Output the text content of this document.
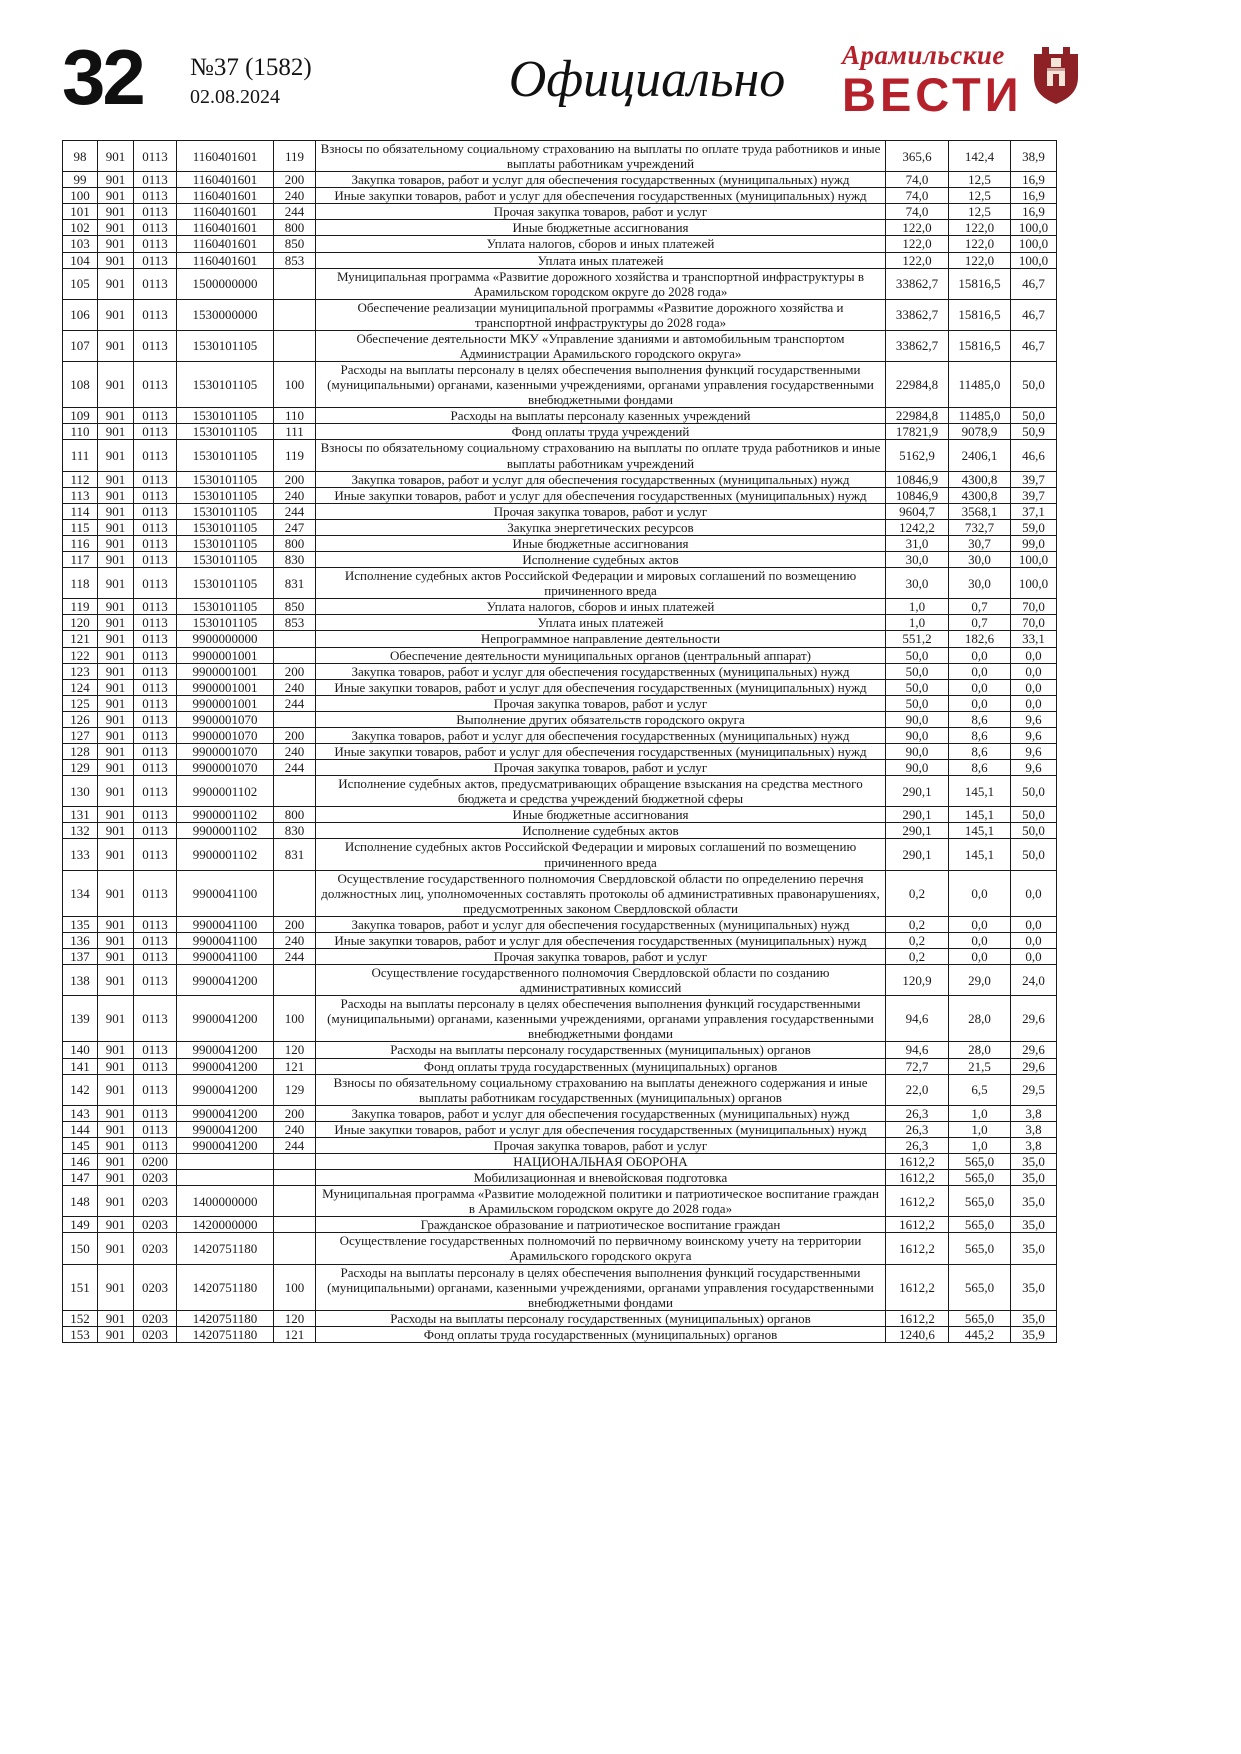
32 №37 (1582)
02.08.2024	Официально	Арамильские
ВЕСТИ
98	901	0113	1160401601	119	Взносы по обязательному социальному страхованию на выплаты по оплате труда работников и иные выплаты работникам учреждений	365,6	142,4	38,9
99	901	0113	1160401601	200	Закупка товаров, работ и услуг для обеспечения государственных (муниципальных) нужд	74,0	12,5	16,9
100	901	0113	1160401601	240	Иные закупки товаров, работ и услуг для обеспечения государственных (муниципальных) нужд	74,0	12,5	16,9
101	901	0113	1160401601	244	Прочая закупка товаров, работ и услуг	74,0	12,5	16,9
102	901	0113	1160401601	800	Иные бюджетные ассигнования	122,0	122,0	100,0
103	901	0113	1160401601	850	Уплата налогов, сборов и иных платежей	122,0	122,0	100,0
104	901	0113	1160401601	853	Уплата иных платежей	122,0	122,0	100,0
105	901	0113	1500000000		Муниципальная программа «Развитие дорожного хозяйства и транспортной инфраструктуры в Арамильском городском округе до 2028 года»	33862,7	15816,5	46,7
106	901	0113	1530000000		Обеспечение реализации муниципальной программы «Развитие дорожного хозяйства и транспортной инфраструктуры до 2028 года»	33862,7	15816,5	46,7
107	901	0113	1530101105		Обеспечение деятельности МКУ «Управление зданиями и автомобильным транспортом Администрации Арамильского городского округа»	33862,7	15816,5	46,7
108	901	0113	1530101105	100	Расходы на выплаты персоналу в целях обеспечения выполнения функций государственными (муниципальными) органами, казенными учреждениями, органами управления государственными внебюджетными фондами	22984,8	11485,0	50,0
109	901	0113	1530101105	110	Расходы на выплаты персоналу казенных учреждений	22984,8	11485,0	50,0
110	901	0113	1530101105	111	Фонд оплаты труда учреждений	17821,9	9078,9	50,9
111	901	0113	1530101105	119	Взносы по обязательному социальному страхованию на выплаты по оплате труда работников и иные выплаты работникам учреждений	5162,9	2406,1	46,6
112	901	0113	1530101105	200	Закупка товаров, работ и услуг для обеспечения государственных (муниципальных) нужд	10846,9	4300,8	39,7
113	901	0113	1530101105	240	Иные закупки товаров, работ и услуг для обеспечения государственных (муниципальных) нужд	10846,9	4300,8	39,7
114	901	0113	1530101105	244	Прочая закупка товаров, работ и услуг	9604,7	3568,1	37,1
115	901	0113	1530101105	247	Закупка энергетических ресурсов	1242,2	732,7	59,0
116	901	0113	1530101105	800	Иные бюджетные ассигнования	31,0	30,7	99,0
117	901	0113	1530101105	830	Исполнение судебных актов	30,0	30,0	100,0
118	901	0113	1530101105	831	Исполнение судебных актов Российской Федерации и мировых соглашений по возмещению причиненного вреда	30,0	30,0	100,0
119	901	0113	1530101105	850	Уплата налогов, сборов и иных платежей	1,0	0,7	70,0
120	901	0113	1530101105	853	Уплата иных платежей	1,0	0,7	70,0
121	901	0113	9900000000		Непрограммное направление деятельности	551,2	182,6	33,1
122	901	0113	9900001001		Обеспечение деятельности муниципальных органов (центральный аппарат)	50,0	0,0	0,0
123	901	0113	9900001001	200	Закупка товаров, работ и услуг для обеспечения государственных (муниципальных) нужд	50,0	0,0	0,0
124	901	0113	9900001001	240	Иные закупки товаров, работ и услуг для обеспечения государственных (муниципальных) нужд	50,0	0,0	0,0
125	901	0113	9900001001	244	Прочая закупка товаров, работ и услуг	50,0	0,0	0,0
126	901	0113	9900001070		Выполнение других обязательств городского округа	90,0	8,6	9,6
127	901	0113	9900001070	200	Закупка товаров, работ и услуг для обеспечения государственных (муниципальных) нужд	90,0	8,6	9,6
128	901	0113	9900001070	240	Иные закупки товаров, работ и услуг для обеспечения государственных (муниципальных) нужд	90,0	8,6	9,6
129	901	0113	9900001070	244	Прочая закупка товаров, работ и услуг	90,0	8,6	9,6
130	901	0113	9900001102		Исполнение судебных актов, предусматривающих обращение взыскания на средства местного бюджета и средства учреждений бюджетной сферы	290,1	145,1	50,0
131	901	0113	9900001102	800	Иные бюджетные ассигнования	290,1	145,1	50,0
132	901	0113	9900001102	830	Исполнение судебных актов	290,1	145,1	50,0
133	901	0113	9900001102	831	Исполнение судебных актов Российской Федерации и мировых соглашений по возмещению причиненного вреда	290,1	145,1	50,0
134	901	0113	9900041100		Осуществление государственного полномочия Свердловской области по определению перечня должностных лиц, уполномоченных составлять протоколы об административных правонарушениях, предусмотренных законом Свердловской области	0,2	0,0	0,0
135	901	0113	9900041100	200	Закупка товаров, работ и услуг для обеспечения государственных (муниципальных) нужд	0,2	0,0	0,0
136	901	0113	9900041100	240	Иные закупки товаров, работ и услуг для обеспечения государственных (муниципальных) нужд	0,2	0,0	0,0
137	901	0113	9900041100	244	Прочая закупка товаров, работ и услуг	0,2	0,0	0,0
138	901	0113	9900041200		Осуществление государственного полномочия Свердловской области по созданию административных комиссий	120,9	29,0	24,0
139	901	0113	9900041200	100	Расходы на выплаты персоналу в целях обеспечения выполнения функций государственными (муниципальными) органами, казенными учреждениями, органами управления государственными внебюджетными фондами	94,6	28,0	29,6
140	901	0113	9900041200	120	Расходы на выплаты персоналу государственных (муниципальных) органов	94,6	28,0	29,6
141	901	0113	9900041200	121	Фонд оплаты труда государственных (муниципальных) органов	72,7	21,5	29,6
142	901	0113	9900041200	129	Взносы по обязательному социальному страхованию на выплаты денежного содержания и иные выплаты работникам государственных (муниципальных) органов	22,0	6,5	29,5
143	901	0113	9900041200	200	Закупка товаров, работ и услуг для обеспечения государственных (муниципальных) нужд	26,3	1,0	3,8
144	901	0113	9900041200	240	Иные закупки товаров, работ и услуг для обеспечения государственных (муниципальных) нужд	26,3	1,0	3,8
145	901	0113	9900041200	244	Прочая закупка товаров, работ и услуг	26,3	1,0	3,8
146	901	0200			НАЦИОНАЛЬНАЯ ОБОРОНА	1612,2	565,0	35,0
147	901	0203			Мобилизационная и вневойсковая подготовка	1612,2	565,0	35,0
148	901	0203	1400000000		Муниципальная программа «Развитие молодежной политики и патриотическое воспитание граждан в Арамильском городском округе до 2028 года»	1612,2	565,0	35,0
149	901	0203	1420000000		Гражданское образование и патриотическое воспитание граждан	1612,2	565,0	35,0
150	901	0203	1420751180		Осуществление государственных полномочий по первичному воинскому учету на территории Арамильского городского округа	1612,2	565,0	35,0
151	901	0203	1420751180	100	Расходы на выплаты персоналу в целях обеспечения выполнения функций государственными (муниципальными) органами, казенными учреждениями, органами управления государственными внебюджетными фондами	1612,2	565,0	35,0
152	901	0203	1420751180	120	Расходы на выплаты персоналу государственных (муниципальных) органов	1612,2	565,0	35,0
153	901	0203	1420751180	121	Фонд оплаты труда государственных (муниципальных) органов	1240,6	445,2	35,9
